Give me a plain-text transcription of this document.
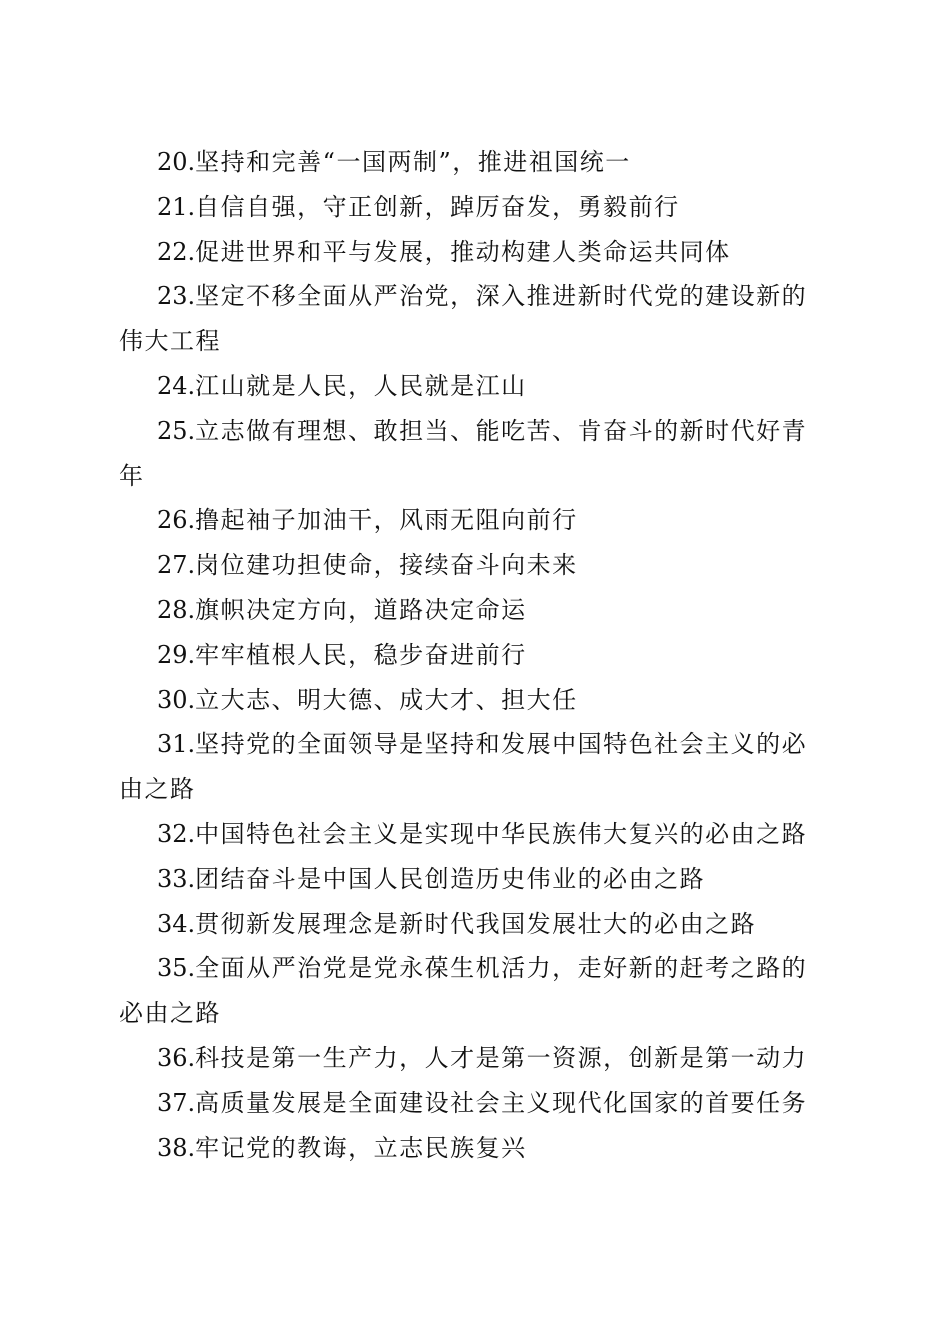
20.坚持和完善“一国两制”，推进祖国统一

21.自信自强，守正创新，踔厉奋发，勇毅前行

22.促进世界和平与发展，推动构建人类命运共同体

23.坚定不移全面从严治党，深入推进新时代党的建设新的伟大工程

24.江山就是人民，人民就是江山

25.立志做有理想、敢担当、能吃苦、肯奋斗的新时代好青年

26.撸起袖子加油干，风雨无阻向前行

27.岗位建功担使命，接续奋斗向未来

28.旗帜决定方向，道路决定命运

29.牢牢植根人民，稳步奋进前行

30.立大志、明大德、成大才、担大任

31.坚持党的全面领导是坚持和发展中国特色社会主义的必由之路

32.中国特色社会主义是实现中华民族伟大复兴的必由之路

33.团结奋斗是中国人民创造历史伟业的必由之路

34.贯彻新发展理念是新时代我国发展壮大的必由之路

35.全面从严治党是党永葆生机活力，走好新的赶考之路的必由之路

36.科技是第一生产力，人才是第一资源，创新是第一动力

37.高质量发展是全面建设社会主义现代化国家的首要任务

38.牢记党的教诲，立志民族复兴
